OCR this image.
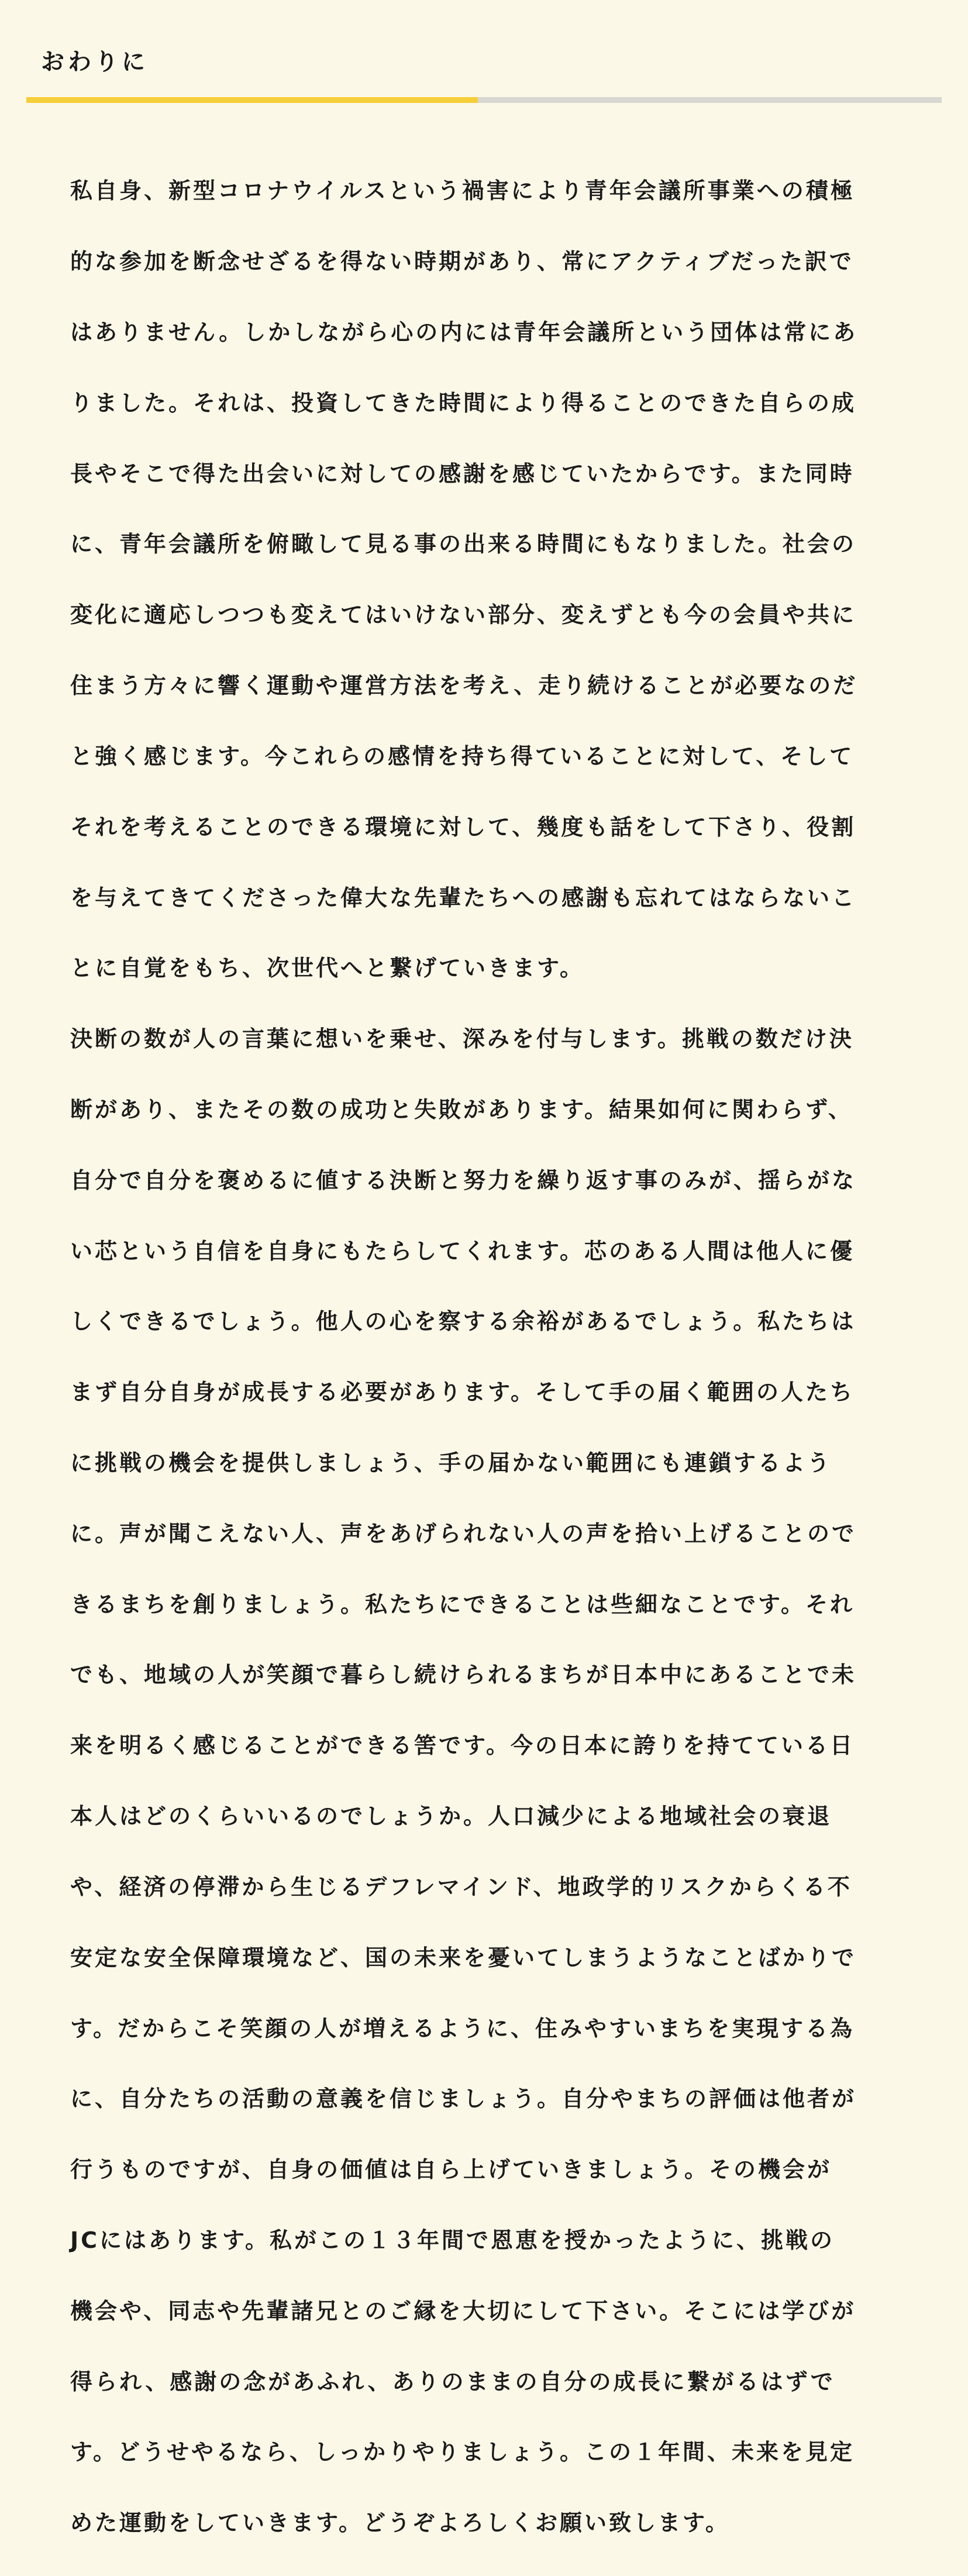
おわりに

私自身、新型コロナウイルスという禍害により青年会議所事業への積極

的な参加を断念せざるを得ない時期があり、常にアクティブだった訳で

はありません。しかしながら心の内には青年会議所という団体は常にあ

りました。それは、投資してきた時間により得ることのできた自らの成

長やそこで得た出会いに対しての感謝を感じていたからです。また同時

に、青年会議所を俯瞰して見る事の出来る時間にもなりました。社会の

変化に適応しつつも変えてはいけない部分、変えずとも今の会員や共に

住まう方々に響く運動や運営方法を考え、走り続けることが必要なのだ

と強く感じます。今これらの感情を持ち得ていることに対して、そして

それを考えることのできる環境に対して、幾度も話をして下さり、役割

を与えてきてくださった偉大な先輩たちへの感謝も忘れてはならないこ

とに自覚をもち、次世代へと繋げていきます。

決断の数が人の言葉に想いを乗せ、深みを付与します。挑戦の数だけ決

断があり、またその数の成功と失敗があります。結果如何に関わらず、

自分で自分を褒めるに値する決断と努力を繰り返す事のみが、揺らがな

い芯という自信を自身にもたらしてくれます。芯のある人間は他人に優

しくできるでしょう。他人の心を察する余裕があるでしょう。私たちは

まず自分自身が成長する必要があります。そして手の届く範囲の人たち

に挑戦の機会を提供しましょう、手の届かない範囲にも連鎖するよう

に。声が聞こえない人、声をあげられない人の声を拾い上げることので

きるまちを創りましょう。私たちにできることは些細なことです。それ

でも、地域の人が笑顔で暮らし続けられるまちが日本中にあることで未

来を明るく感じることができる筈です。今の日本に誇りを持てている日

本人はどのくらいいるのでしょうか。人口減少による地域社会の衰退

や、経済の停滞から生じるデフレマインド、地政学的リスクからくる不

安定な安全保障環境など、国の未来を憂いてしまうようなことばかりで

す。だからこそ笑顔の人が増えるように、住みやすいまちを実現する為

に、自分たちの活動の意義を信じましょう。自分やまちの評価は他者が

行うものですが、自身の価値は自ら上げていきましょう。その機会が

JCにはあります。私がこの１３年間で恩恵を授かったように、挑戦の

機会や、同志や先輩諸兄とのご縁を大切にして下さい。そこには学びが

得られ、感謝の念があふれ、ありのままの自分の成長に繋がるはずで

す。どうせやるなら、しっかりやりましょう。この１年間、未来を見定

めた運動をしていきます。どうぞよろしくお願い致します。
